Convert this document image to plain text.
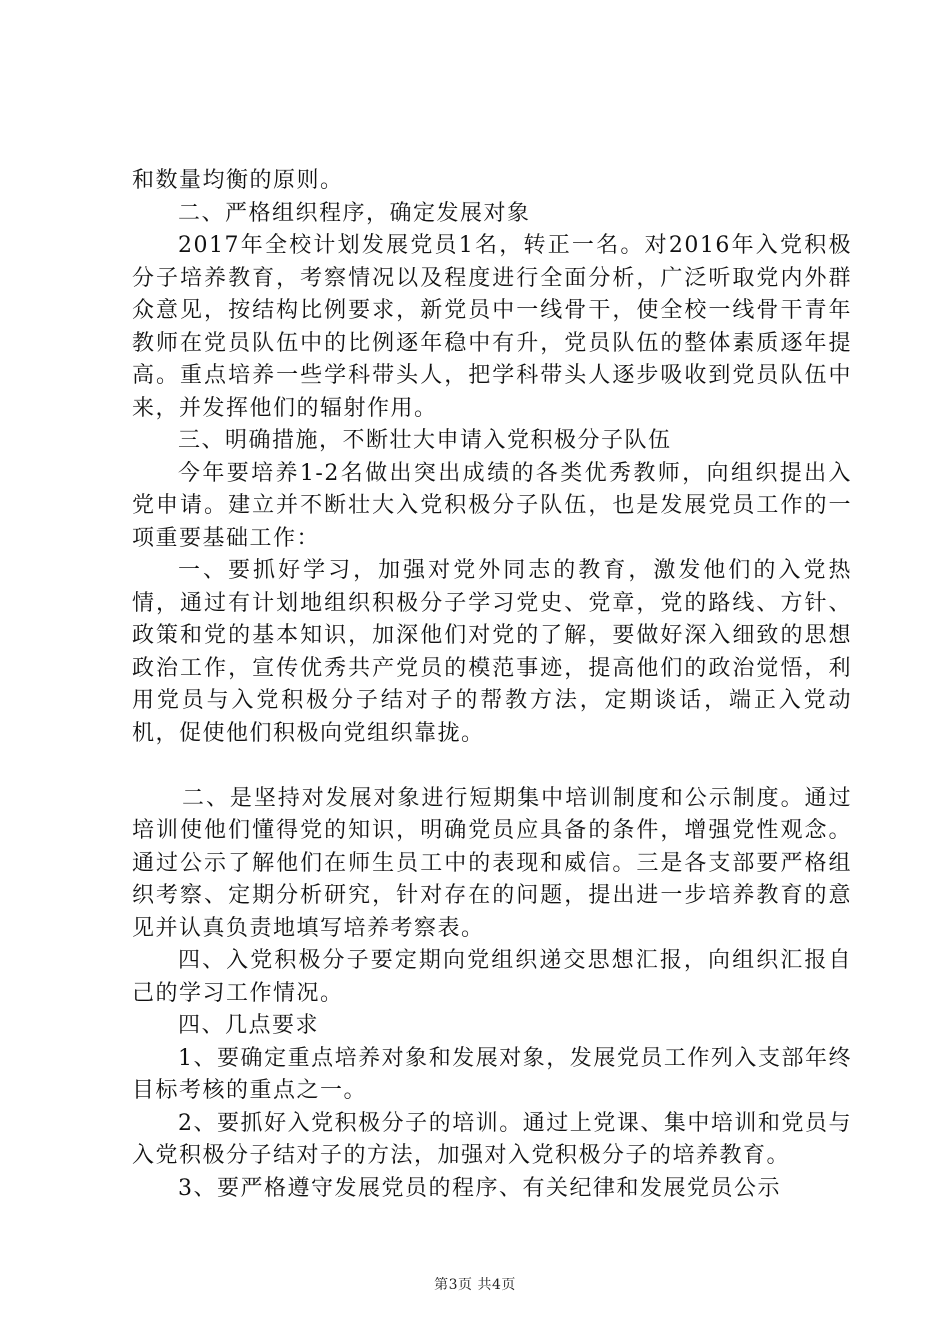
和数量均衡的原则。

二、严格组织程序，确定发展对象

2017年全校计划发展党员1名，转正一名。对2016年入党积极分子培养教育，考察情况以及程度进行全面分析，广泛听取党内外群众意见，按结构比例要求，新党员中一线骨干，使全校一线骨干青年教师在党员队伍中的比例逐年稳中有升，党员队伍的整体素质逐年提高。重点培养一些学科带头人，把学科带头人逐步吸收到党员队伍中来，并发挥他们的辐射作用。

三、明确措施，不断壮大申请入党积极分子队伍

今年要培养1-2名做出突出成绩的各类优秀教师，向组织提出入党申请。建立并不断壮大入党积极分子队伍，也是发展党员工作的一项重要基础工作：

一、要抓好学习，加强对党外同志的教育，激发他们的入党热情，通过有计划地组织积极分子学习党史、党章，党的路线、方针、政策和党的基本知识，加深他们对党的了解，要做好深入细致的思想政治工作，宣传优秀共产党员的模范事迹，提高他们的政治觉悟，利用党员与入党积极分子结对子的帮教方法，定期谈话，端正入党动机，促使他们积极向党组织靠拢。

二、是坚持对发展对象进行短期集中培训制度和公示制度。通过培训使他们懂得党的知识，明确党员应具备的条件，增强党性观念。通过公示了解他们在师生员工中的表现和威信。三是各支部要严格组织考察、定期分析研究，针对存在的问题，提出进一步培养教育的意见并认真负责地填写培养考察表。

四、入党积极分子要定期向党组织递交思想汇报，向组织汇报自己的学习工作情况。

四、几点要求

1、要确定重点培养对象和发展对象，发展党员工作列入支部年终目标考核的重点之一。

2、要抓好入党积极分子的培训。通过上党课、集中培训和党员与入党积极分子结对子的方法，加强对入党积极分子的培养教育。

3、要严格遵守发展党员的程序、有关纪律和发展党员公示

第3页 共4页
